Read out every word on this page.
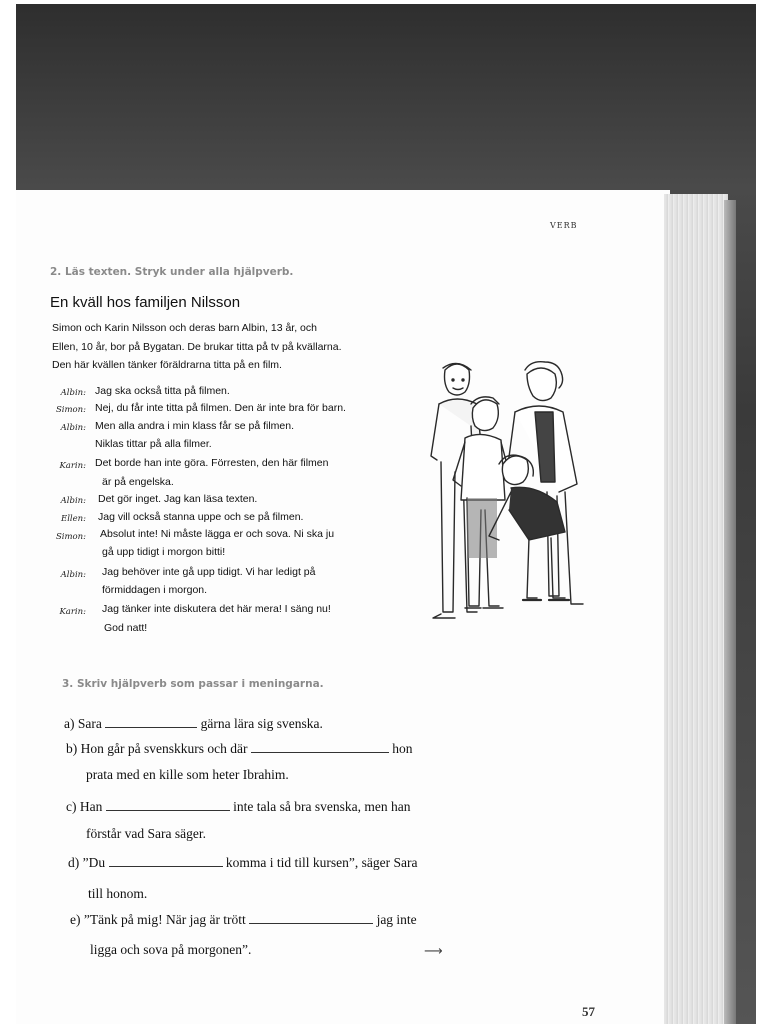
VERB
2. Läs texten. Stryk under alla hjälpverb.
En kväll hos familjen Nilsson
Simon och Karin Nilsson och deras barn Albin, 13 år, och
Ellen, 10 år, bor på Bygatan. De brukar titta på tv på kvällarna.
Den här kvällen tänker föräldrarna titta på en film.
Albin: Jag ska också titta på filmen.
Simon: Nej, du får inte titta på filmen. Den är inte bra för barn.
Albin: Men alla andra i min klass får se på filmen.
Niklas tittar på alla filmer.
Karin: Det borde han inte göra. Förresten, den här filmen
är på engelska.
Albin: Det gör inget. Jag kan läsa texten.
Ellen: Jag vill också stanna uppe och se på filmen.
Simon: Absolut inte! Ni måste lägga er och sova. Ni ska ju
gå upp tidigt i morgon bitti!
Albin: Jag behöver inte gå upp tidigt. Vi har ledigt på
förmiddagen i morgon.
Karin: Jag tänker inte diskutera det här mera! I säng nu!
God natt!
3. Skriv hjälpverb som passar i meningarna.
a) Sara	gärna lära sig svenska.
b) Hon går på svenskkurs och där	hon
prata med en kille som heter Ibrahim.
c) Han	inte tala så bra svenska, men han
förstår vad Sara säger.
d) ”Du	komma i tid till kursen”, säger Sara
till honom.
e) ”Tänk på mig! När jag är trött	jag inte
ligga och sova på morgonen”.	⟶
57
